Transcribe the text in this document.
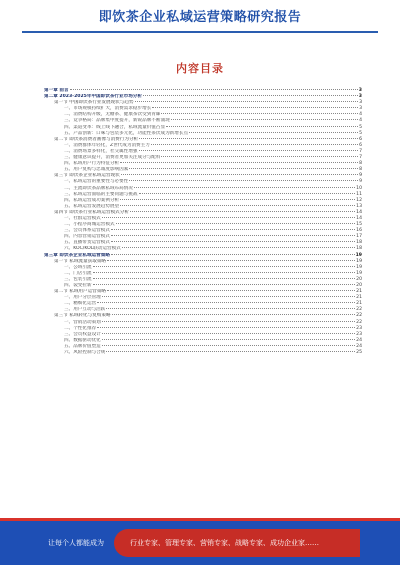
即饮茶企业私域运营策略研究报告
内容目录
第一章 前言	3
第二章 2023-2025年中国即饮茶行业市场分析	3
第一节 中国即饮茶行业发展现状与趋势	3
一、市场规模持续扩大，消费需求稳步增长	3
二、消费结构升级，无糖茶、健康茶饮受到青睐	4
三、竞争格局：品牌集中度提升，新锐品牌不断涌现	4
四、渠道变革：线上线下融合，私域流量价值凸显	5
五、产品创新：口味与包装多元化，功能性茶饮成为新增长点	5
第二节 即饮茶消费者画像与消费行为分析	6
一、消费群体年轻化，Z世代成为消费主力	6
二、消费场景多样化，社交属性增强	7
三、健康意识提升，消费者更加关注成分与配料	7
四、私域用户行为特征分析	8
五、用户复购与忠诚度影响因素	8
第三节 即饮茶企业私域运营现状	9
一、私域运营的重要性与必要性	9
二、主流即饮茶品牌私域布局情况	10
三、私域运营面临的主要问题与挑战	11
四、私域运营成功案例分析	12
五、私域运营发展趋势展望	13
第四节 即饮茶行业私域运营模式分析	14
一、社群运营模式	14
二、小程序商城运营模式	15
三、会员体系运营模式	16
四、内容营销运营模式	17
五、直播带货运营模式	18
六、KOC/KOL联动运营模式	18
第三章 即饮茶企业私域运营策略	19
第一节 私域流量获取策略	19
一、公域引流	19
二、门店引流	19
三、包装引流	20
四、裂变拉新	20
第二节 私域用户运营策略	21
一、用户分层管理	21
二、精细化运营	21
三、用户互动与活跃	22
第三节 私域转化与复购策略	22
一、营销活动策划	22
二、个性化推荐	23
三、会员权益设计	23
四、数据驱动优化	24
五、品牌价值塑造	24
六、风险控制与合规	25
让每个人都能成为	行业专家、管理专家、营销专家、战略专家、成功企业家……
